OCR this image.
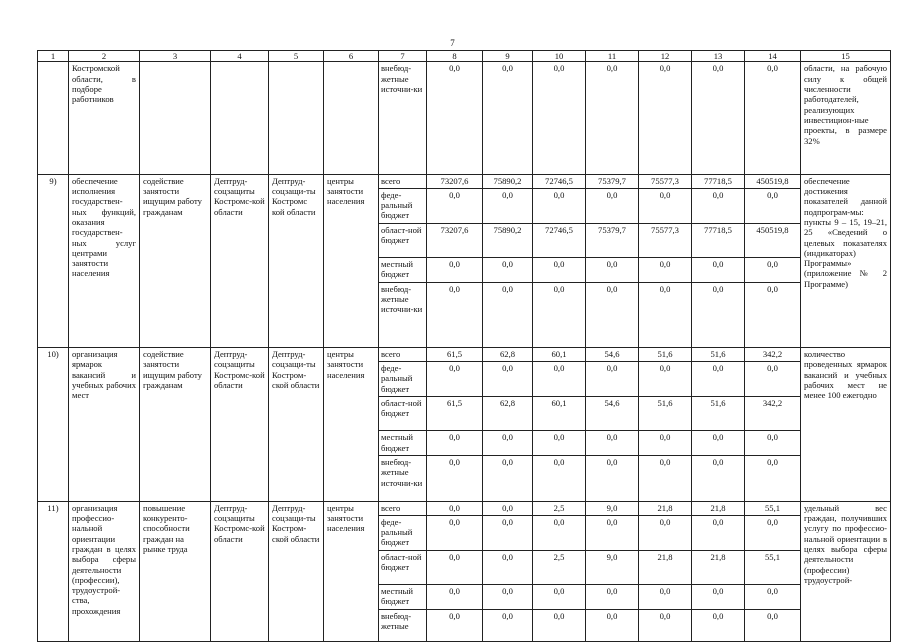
7
1	2	3	4	5	6	7	8	9	10	11	12	13	14	15
	Костромской области, в подборе работников					внебюд-жетные источни-ки	0,0	0,0	0,0	0,0	0,0	0,0	0,0	области, на рабочую силу к общей численности работодателей, реализующих инвестицион-ные проекты, в размере 32%
9)	обеспечение исполнения государствен-ных функций, оказания государствен-ных услуг центрами занятости населения	содействие занятости ищущим работу гражданам	Дептруд-соцзащиты Костромс-кой области	Дептруд-соцзащи-ты Костромс кой области	центры занятости населения	всего	73207,6	75890,2	72746,5	75379,7	75577,3	77718,5	450519,8	обеспечение достижения показателей данной подпрограм-мы: пункты 9 – 15, 19–21, 25 «Сведений о целевых показателях (индикаторах) Программы» (приложение № 2 Программе)
						феде-ральный бюджет	0,0	0,0	0,0	0,0	0,0	0,0	0,0	
						област-ной бюджет	73207,6	75890,2	72746,5	75379,7	75577,3	77718,5	450519,8	
						местный бюджет	0,0	0,0	0,0	0,0	0,0	0,0	0,0	
						внебюд-жетные источни-ки	0,0	0,0	0,0	0,0	0,0	0,0	0,0	
10)	организация ярмарок вакансий и учебных рабочих мест	содействие занятости ищущим работу гражданам	Дептруд-соцзащиты Костромс-кой области	Дептруд-соцзащи-ты Костром-ской области	центры занятости населения	всего	61,5	62,8	60,1	54,6	51,6	51,6	342,2	количество проведенных ярмарок вакансий и учебных рабочих мест не менее 100 ежегодно
						феде-ральный бюджет	0,0	0,0	0,0	0,0	0,0	0,0	0,0	
						област-ной бюджет	61,5	62,8	60,1	54,6	51,6	51,6	342,2	
						местный бюджет	0,0	0,0	0,0	0,0	0,0	0,0	0,0	
						внебюд-жетные источни-ки	0,0	0,0	0,0	0,0	0,0	0,0	0,0	
11)	организация профессио-нальной ориентации граждан в целях выбора сферы деятельности (профессии), трудоустрой-ства, прохождения	повышение конкуренто-способности граждан на рынке труда	Дептруд-соцзащиты Костромс-кой области	Дептруд-соцзащи-ты Костром-ской области	центры занятости населения	всего	0,0	0,0	2,5	9,0	21,8	21,8	55,1	удельный вес граждан, получивших услугу по профессио-нальной ориентации в целях выбора сферы деятельности (профессии) трудоустрой-
						феде-ральный бюджет	0,0	0,0	0,0	0,0	0,0	0,0	0,0	
						област-ной бюджет	0,0	0,0	2,5	9,0	21,8	21,8	55,1	
						местный бюджет	0,0	0,0	0,0	0,0	0,0	0,0	0,0	
						внебюд-жетные	0,0	0,0	0,0	0,0	0,0	0,0	0,0	
